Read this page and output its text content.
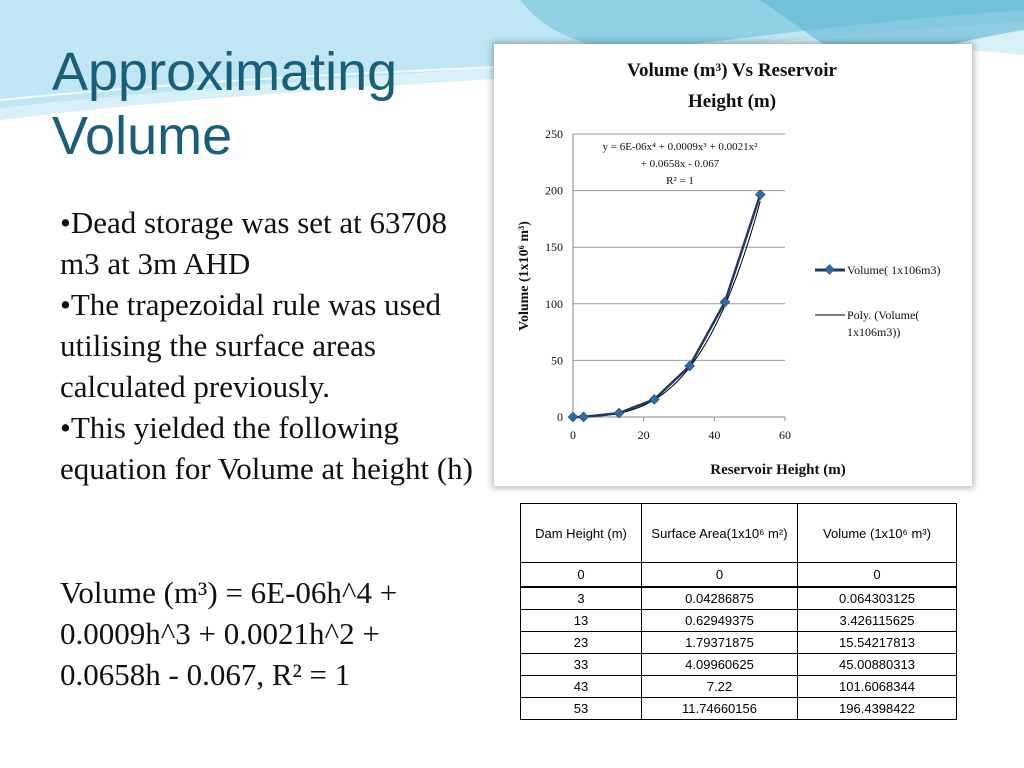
Approximating Volume

•Dead storage was set at 63708 m3 at 3m AHD

•The trapezoidal rule was used utilising the surface areas calculated previously.

•This yielded the following equation for Volume at height (h)

Volume (m³) = 6E-06h^4 + 0.0009h^3 + 0.0021h^2 + 0.0658h - 0.067, R² = 1
Volume (m³) Vs Reservoir
Height (m)
0
50
100
150
200
250
0	20	40	60
y = 6E-06x⁴ + 0.0009x³ + 0.0021x²
+ 0.0658x - 0.067
R² = 1
Reservoir Height (m)
Volume (1x10⁶ m³)	Volume( 1x106m3)
Poly. (Volume(
1x106m3))
Dam Height (m)	Surface Area(1x10⁶ m²)	Volume (1x10⁶ m³)
0	0	0
3	0.04286875	0.064303125
13	0.62949375	3.426115625
23	1.79371875	15.54217813
33	4.09960625	45.00880313
43	7.22	101.6068344
53	11.74660156	196.4398422
